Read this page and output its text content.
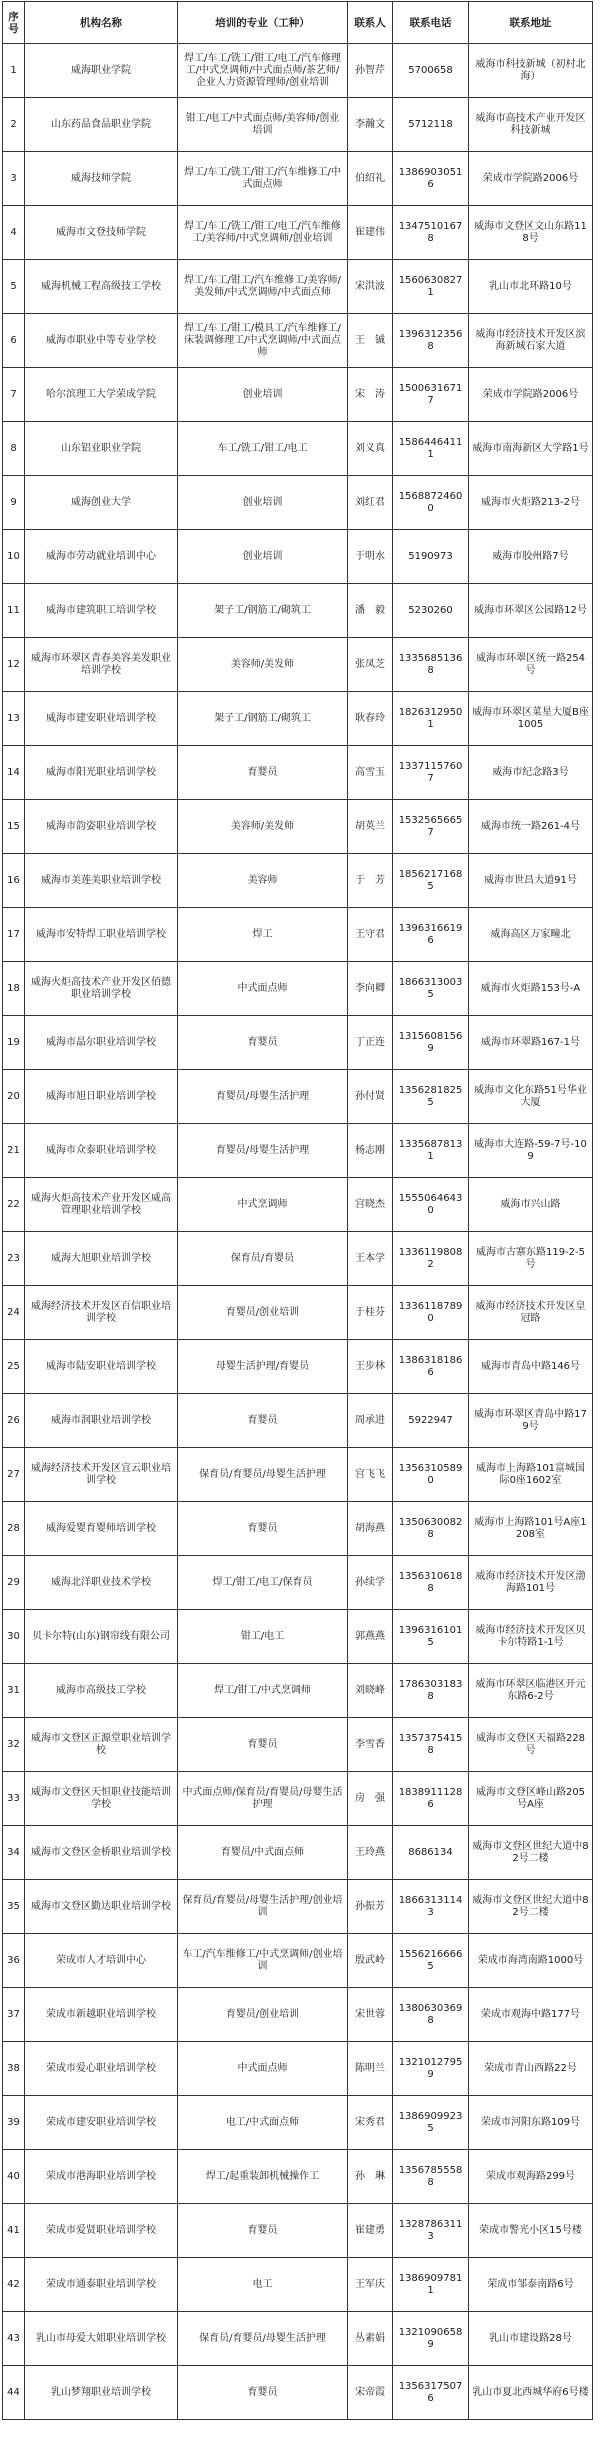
序号	机构名称	培训的专业（工种）	联系人	联系电话	联系地址
1	威海职业学院	焊工/车工/铣工/钳工/电工/汽车修理工/中式烹调师/中式面点师/茶艺师/企业人力资源管理师/创业培训	孙智芹	5700658	威海市科技新城（初村北海）
2	山东药品食品职业学院	钳工/电工/中式面点师/美容师/创业培训	李瀚文	5712118	威海市高技术产业开发区科技新城
3	威海技师学院	焊工/车工/铣工/钳工/汽车维修工/中式面点师	伯绍礼	13869030516	荣成市学院路2006号
4	威海市文登技师学院	焊工/车工/铣工/钳工/电工/汽车维修工/美容师/中式烹调师/创业培训	崔建伟	13475101678	威海市文登区文山东路118号
5	威海机械工程高级技工学校	焊工/车工/钳工/汽车维修工/美容师/美发师/中式烹调师/中式面点师	宋洪波	15606308271	乳山市北环路10号
6	威海市职业中等专业学校	焊工/车工/钳工/模具工/汽车维修工/床装调修理工/中式烹调师/中式面点师	王　铖	13963123568	威海市经济技术开发区滨海新城石家大道
7	哈尔滨理工大学荣成学院	创业培训	宋　涛	15006316717	荣成市学院路2006号
8	山东铝业职业学院	车工/铣工/钳工/电工	刘义真	15864464111	威海市南海新区大学路1号
9	威海创业大学	创业培训	刘红君	15688724600	威海市火炬路213-2号
10	威海市劳动就业培训中心	创业培训	于明水	5190973	威海市胶州路7号
11	威海市建筑职工培训学校	架子工/钢筋工/砌筑工	潘　毅	5230260	威海市环翠区公园路12号
12	威海市环翠区青春美容美发职业培训学校	美容师/美发师	张凤芝	13356851368	威海市环翠区统一路254号
13	威海市建安职业培训学校	架子工/钢筋工/砌筑工	耿春玲	18263129501	威海市环翠区菜星大厦B座1005
14	威海市阳光职业培训学校	育婴员	高雪玉	13371157607	威海市纪念路3号
15	威海市韵姿职业培训学校	美容师/美发师	胡英兰	15325656657	威海市统一路261-4号
16	威海市美莲美职业培训学校	美容师	于　芳	18562171685	威海市世昌大道91号
17	威海市安特焊工职业培训学校	焊工	王守君	13963166196	威海高区万家疃北
18	威海火炬高技术产业开发区佰德职业培训学校	中式面点师	李向卿	18663130035	威海市火炬路153号-A
19	威海市晶尔职业培训学校	育婴员	丁正连	13156081569	威海市环翠路167-1号
20	威海市旭日职业培训学校	育婴员/母婴生活护理	孙付贤	13562818255	威海市文化东路51号华业大厦
21	威海市众泰职业培训学校	育婴员/母婴生活护理	杨志刚	13356878131	威海市大连路-59-7号-109
22	威海火炬高技术产业开发区威高管理职业培训学校	中式烹调师	宫晓杰	15550646430	威海市兴山路
23	威海大旭职业培训学校	保育员/育婴员	王本学	13361198082	威海市古寨东路119-2-5号
24	威海经济技术开发区百信职业培训学校	育婴员/创业培训	于桂芬	13361187890	威海市经济技术开发区皇冠路
25	威海市陆安职业培训学校	母婴生活护理/育婴员	王步林	13863181866	威海市青岛中路146号
26	威海市润职业培训学校	育婴员	周承进	5922947	威海市环翠区青岛中路179号
27	威海经济技术开发区宜云职业培训学校	保育员/育婴员/母婴生活护理	宫飞飞	13563105890	威海市上海路101富城国际0座1602室
28	威海爱婴育婴师培训学校	育婴员	胡海燕	13506300828	威海市上海路101号A座1208室
29	威海北洋职业技术学校	焊工/钳工/电工/保育员	孙续学	13563106188	威海市经济技术开发区渤海路101号
30	贝卡尔特(山东)钢帘线有限公司	钳工/电工	郭燕燕	13963161015	威海市经济技术开发区贝卡尔特路1-1号
31	威海市高级技工学校	焊工/钳工/中式烹调师	刘晓峰	17863031838	威海市环翠区临港区开元东路6-2号
32	威海市文登区正源堂职业培训学校	育婴员	李雪香	13573754158	威海市文登区天福路228号
33	威海市文登区天恒职业技能培训学校	中式面点师/保育员/育婴员/母婴生活护理	房　强	18389111286	威海市文登区峰山路205号A座
34	威海市文登区金桥职业培训学校	育婴员/中式面点师	王玲燕	8686134	威海市文登区世纪大道中82号二楼
35	威海市文登区勤达职业培训学校	保育员/育婴员/母婴生活护理/创业培训	孙振芳	18663131143	威海市文登区世纪大道中82号二楼
36	荣成市人才培训中心	车工/汽车维修工/中式烹调师/创业培训	殷武岭	15562166665	荣成市海湾南路1000号
37	荣成市新越职业培训学校	育婴员/创业培训	宋世蓉	13806303698	荣成市观海中路177号
38	荣成市爱心职业培训学校	中式面点师	陈明兰	13210127959	荣成市青山西路22号
39	荣成市建安职业培训学校	电工/中式面点师	宋秀君	13869099235	荣成市河阳东路109号
40	荣成市港海职业培训学校	焊工/起重装卸机械操作工	孙　琳	13567855588	荣成市观海路299号
41	荣成市爱贤职业培训学校	育婴员	崔建勇	13287863113	荣成市警光小区15号楼
42	荣成市通泰职业培训学校	电工	王军庆	13869097811	荣成市邹泰南路6号
43	乳山市母爱大姐职业培训学校	保育员/育婴员/母婴生活护理	丛素娟	13210906589	乳山市建设路28号
44	乳山梦翔职业培训学校	育婴员	宋帝霞	13563175076	乳山市夏北西城华府6号楼
